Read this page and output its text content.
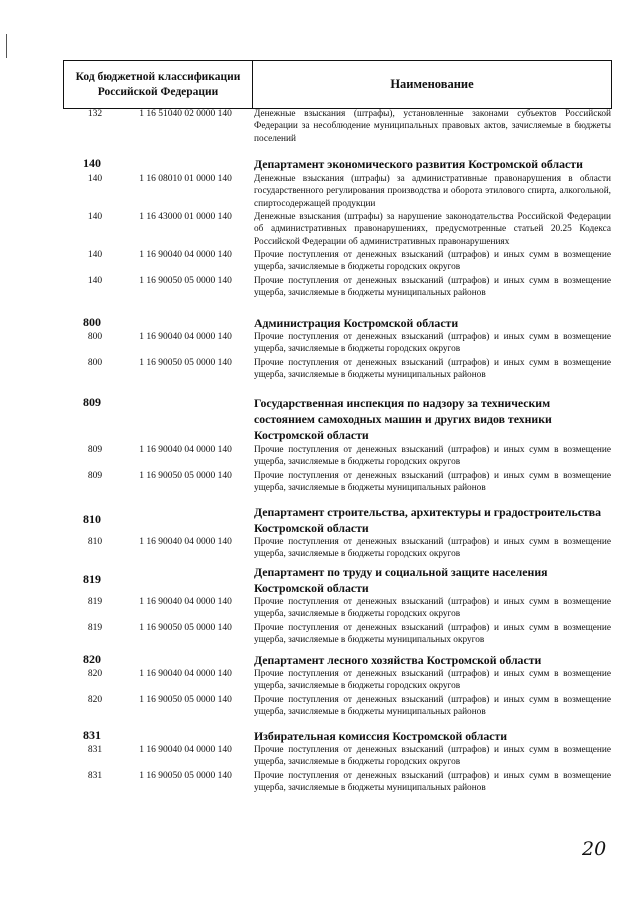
Код бюджетной классификации Российской Федерации
Наименование
132	1 16 51040 02 0000 140	Денежные взыскания (штрафы), установленные законами субъектов Российской Федерации за несоблюдение муниципальных правовых актов, зачисляемые в бюджеты поселений
140	Департамент экономического развития Костромской области
140	1 16 08010 01 0000 140	Денежные взыскания (штрафы) за административные правонарушения в области государственного регулирования производства и оборота этилового спирта, алкогольной, спиртосодержащей продукции
140	1 16 43000 01 0000 140	Денежные взыскания (штрафы) за нарушение законодательства Российской Федерации об административных правонарушениях, предусмотренные статьей 20.25 Кодекса Российской Федерации об административных правонарушениях
140	1 16 90040 04 0000 140	Прочие поступления от денежных взысканий (штрафов) и иных сумм в возмещение ущерба, зачисляемые в бюджеты городских округов
140	1 16 90050 05 0000 140	Прочие поступления от денежных взысканий (штрафов) и иных сумм в возмещение ущерба, зачисляемые в бюджеты муниципальных районов
800	Администрация Костромской области
800	1 16 90040 04 0000 140	Прочие поступления от денежных взысканий (штрафов) и иных сумм в возмещение ущерба, зачисляемые в бюджеты городских округов
800	1 16 90050 05 0000 140	Прочие поступления от денежных взысканий (штрафов) и иных сумм в возмещение ущерба, зачисляемые в бюджеты муниципальных районов
809	Государственная инспекция по надзору за техническим состоянием самоходных машин и других видов техники Костромской области
809	1 16 90040 04 0000 140	Прочие поступления от денежных взысканий (штрафов) и иных сумм в возмещение ущерба, зачисляемые в бюджеты городских округов
809	1 16 90050 05 0000 140	Прочие поступления от денежных взысканий (штрафов) и иных сумм в возмещение ущерба, зачисляемые в бюджеты муниципальных районов
810	Департамент строительства, архитектуры и градостроительства Костромской области
810	1 16 90040 04 0000 140	Прочие поступления от денежных взысканий (штрафов) и иных сумм в возмещение ущерба, зачисляемые в бюджеты городских округов
819	Департамент по труду и социальной защите населения Костромской области
819	1 16 90040 04 0000 140	Прочие поступления от денежных взысканий (штрафов) и иных сумм в возмещение ущерба, зачисляемые в бюджеты городских округов
819	1 16 90050 05 0000 140	Прочие поступления от денежных взысканий (штрафов) и иных сумм в возмещение ущерба, зачисляемые в бюджеты муниципальных округов
820	Департамент лесного хозяйства Костромской области
820	1 16 90040 04 0000 140	Прочие поступления от денежных взысканий (штрафов) и иных сумм в возмещение ущерба, зачисляемые в бюджеты городских округов
820	1 16 90050 05 0000 140	Прочие поступления от денежных взысканий (штрафов) и иных сумм в возмещение ущерба, зачисляемые в бюджеты муниципальных районов
831	Избирательная комиссия Костромской области
831	1 16 90040 04 0000 140	Прочие поступления от денежных взысканий (штрафов) и иных сумм в возмещение ущерба, зачисляемые в бюджеты городских округов
831	1 16 90050 05 0000 140	Прочие поступления от денежных взысканий (штрафов) и иных сумм в возмещение ущерба, зачисляемые в бюджеты муниципальных районов
20
